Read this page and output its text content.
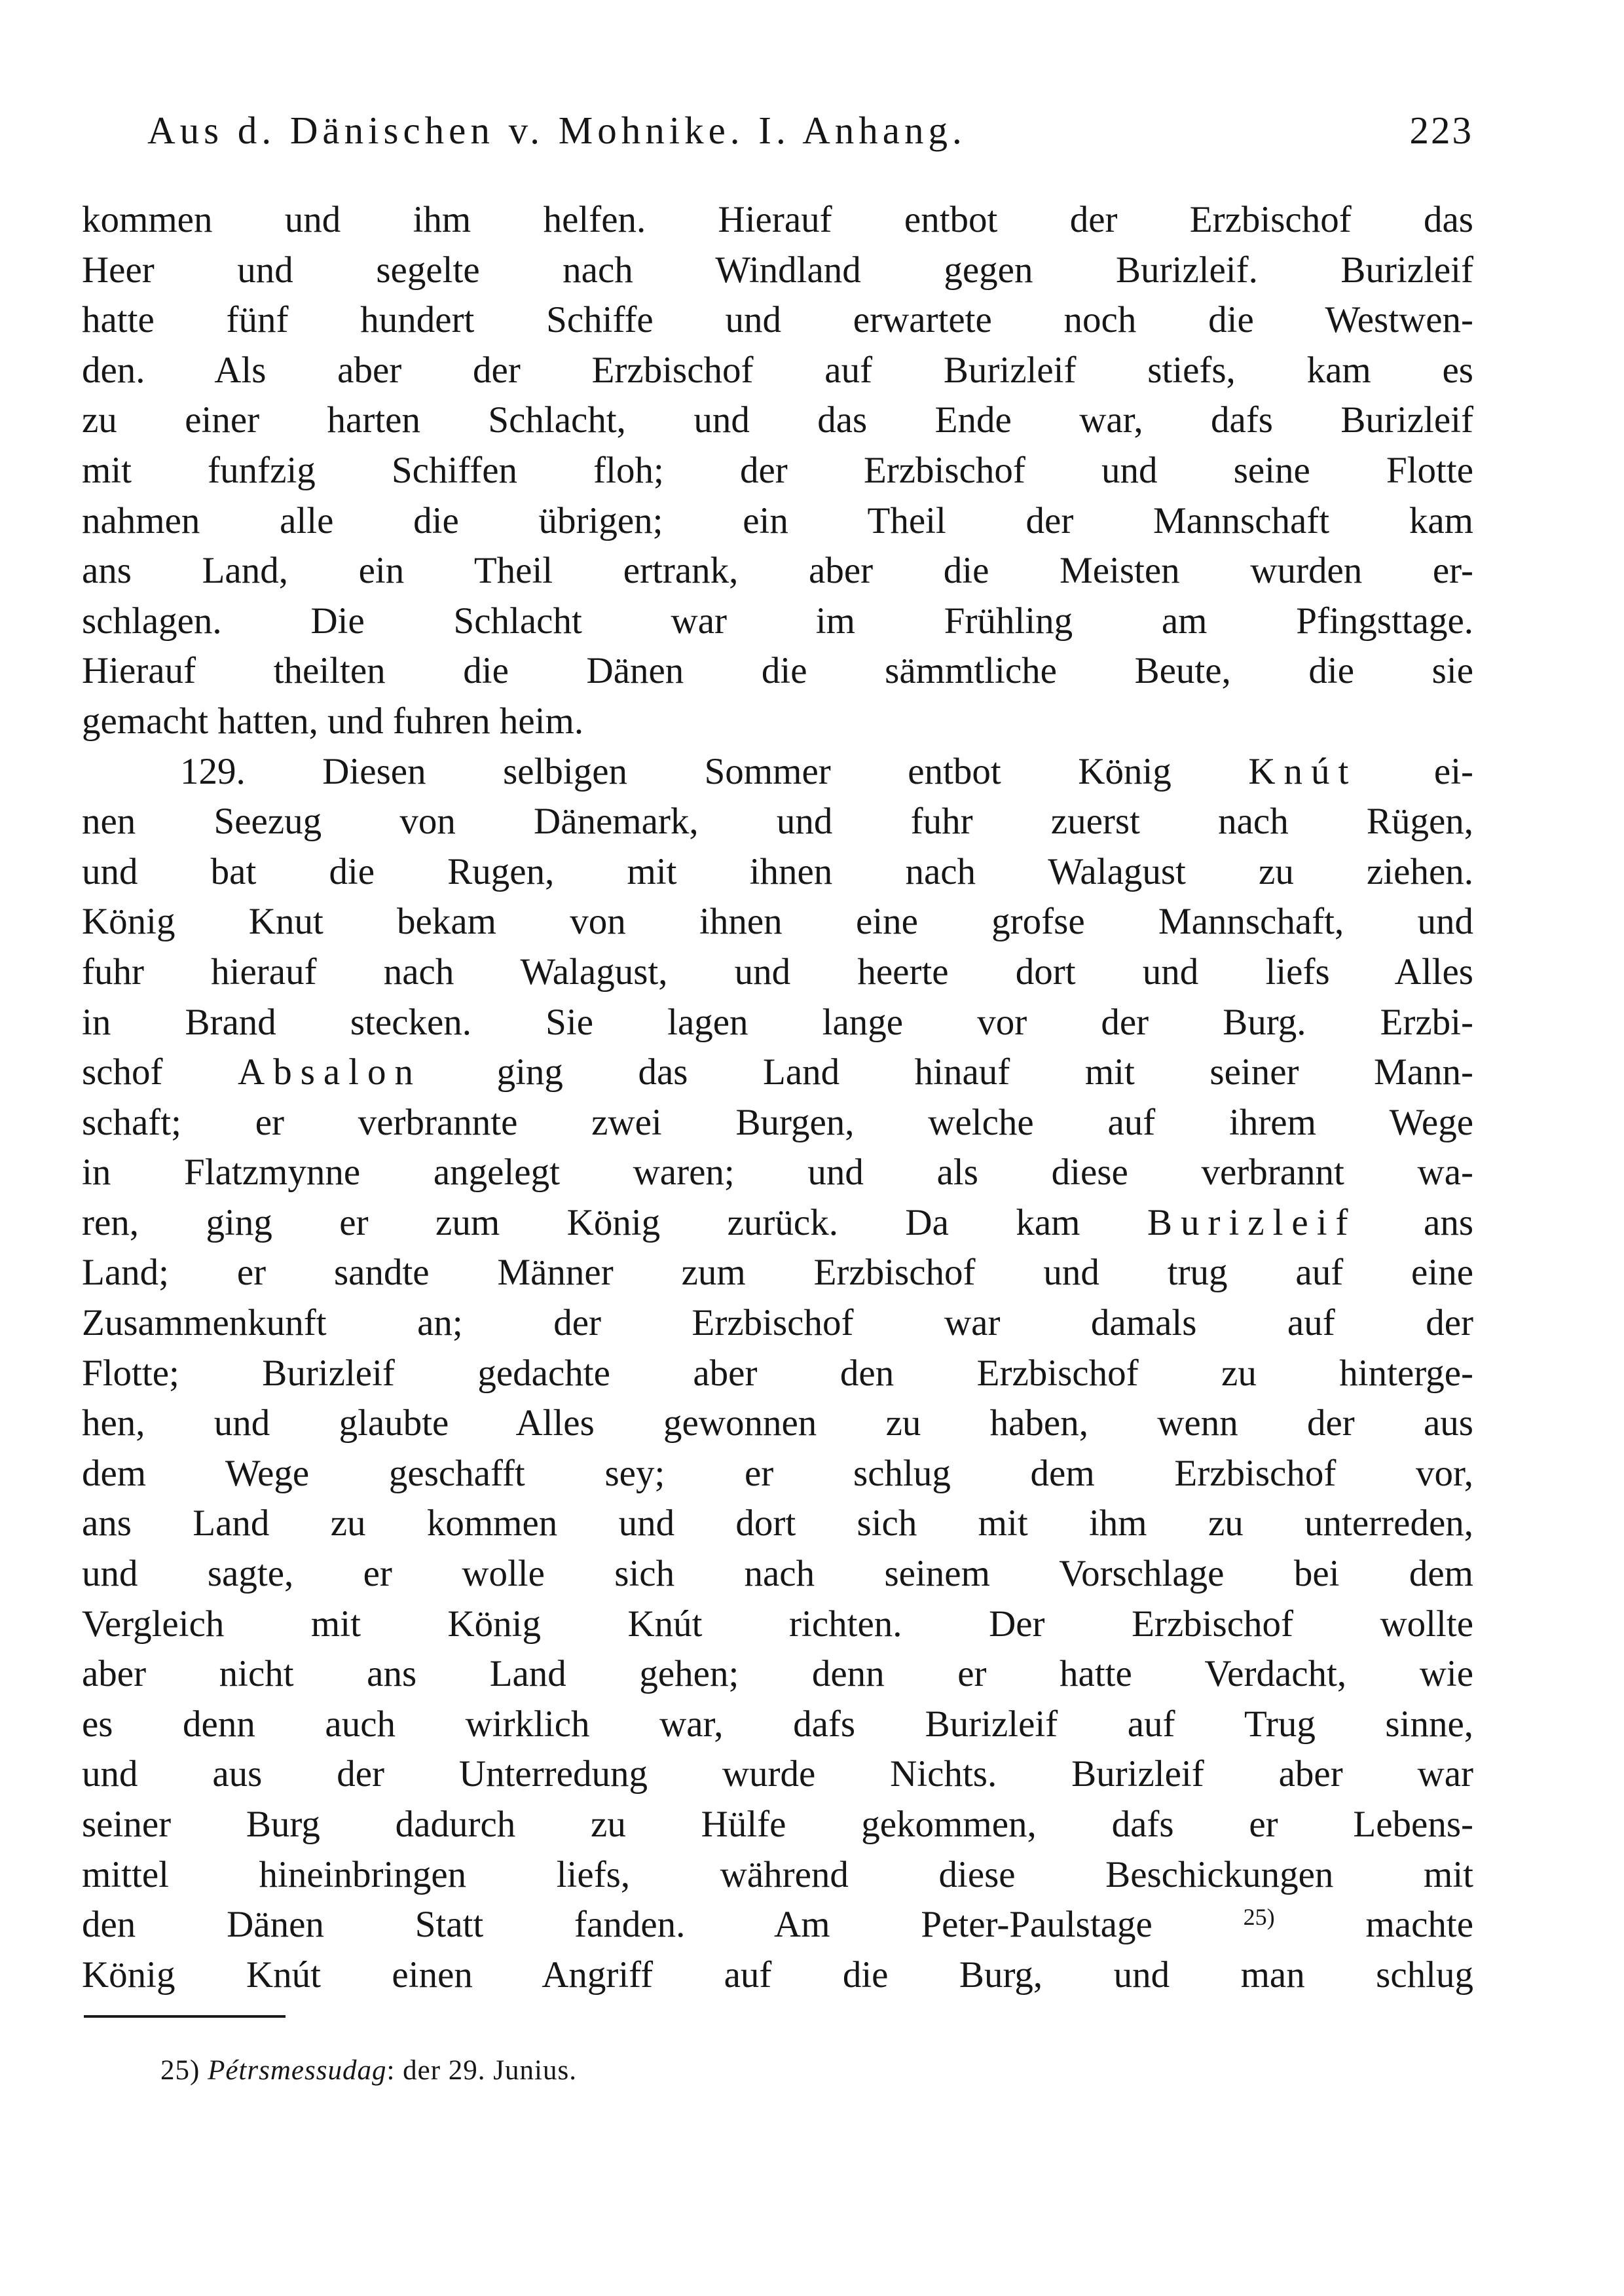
Aus d. Dänischen v. Mohnike. I. Anhang.	223
kommen und ihm helfen. Hierauf entbot der Erzbischof das
Heer und segelte nach Windland gegen Burizleif. Burizleif
hatte fünf hundert Schiffe und erwartete noch die Westwen-
den. Als aber der Erzbischof auf Burizleif stiefs, kam es
zu einer harten Schlacht, und das Ende war, dafs Burizleif
mit funfzig Schiffen floh; der Erzbischof und seine Flotte
nahmen alle die übrigen; ein Theil der Mannschaft kam
ans Land, ein Theil ertrank, aber die Meisten wurden er-
schlagen. Die Schlacht war im Frühling am Pfingsttage.
Hierauf theilten die Dänen die sämmtliche Beute, die sie
gemacht hatten, und fuhren heim.
129. Diesen selbigen Sommer entbot König Knút ei-
nen Seezug von Dänemark, und fuhr zuerst nach Rügen,
und bat die Rugen, mit ihnen nach Walagust zu ziehen.
König Knut bekam von ihnen eine grofse Mannschaft, und
fuhr hierauf nach Walagust, und heerte dort und liefs Alles
in Brand stecken. Sie lagen lange vor der Burg. Erzbi-
schof Absalon ging das Land hinauf mit seiner Mann-
schaft; er verbrannte zwei Burgen, welche auf ihrem Wege
in Flatzmynne angelegt waren; und als diese verbrannt wa-
ren, ging er zum König zurück. Da kam Burizleif ans
Land; er sandte Männer zum Erzbischof und trug auf eine
Zusammenkunft an; der Erzbischof war damals auf der
Flotte; Burizleif gedachte aber den Erzbischof zu hinterge-
hen, und glaubte Alles gewonnen zu haben, wenn der aus
dem Wege geschafft sey; er schlug dem Erzbischof vor,
ans Land zu kommen und dort sich mit ihm zu unterreden,
und sagte, er wolle sich nach seinem Vorschlage bei dem
Vergleich mit König Knút richten. Der Erzbischof wollte
aber nicht ans Land gehen; denn er hatte Verdacht, wie
es denn auch wirklich war, dafs Burizleif auf Trug sinne,
und aus der Unterredung wurde Nichts. Burizleif aber war
seiner Burg dadurch zu Hülfe gekommen, dafs er Lebens-
mittel hineinbringen liefs, während diese Beschickungen mit
den Dänen Statt fanden. Am Peter-Paulstage	$^{25)}$ machte
König Knút einen Angriff auf die Burg, und man schlug
25) Pétrsmessudag: der 29. Junius.
